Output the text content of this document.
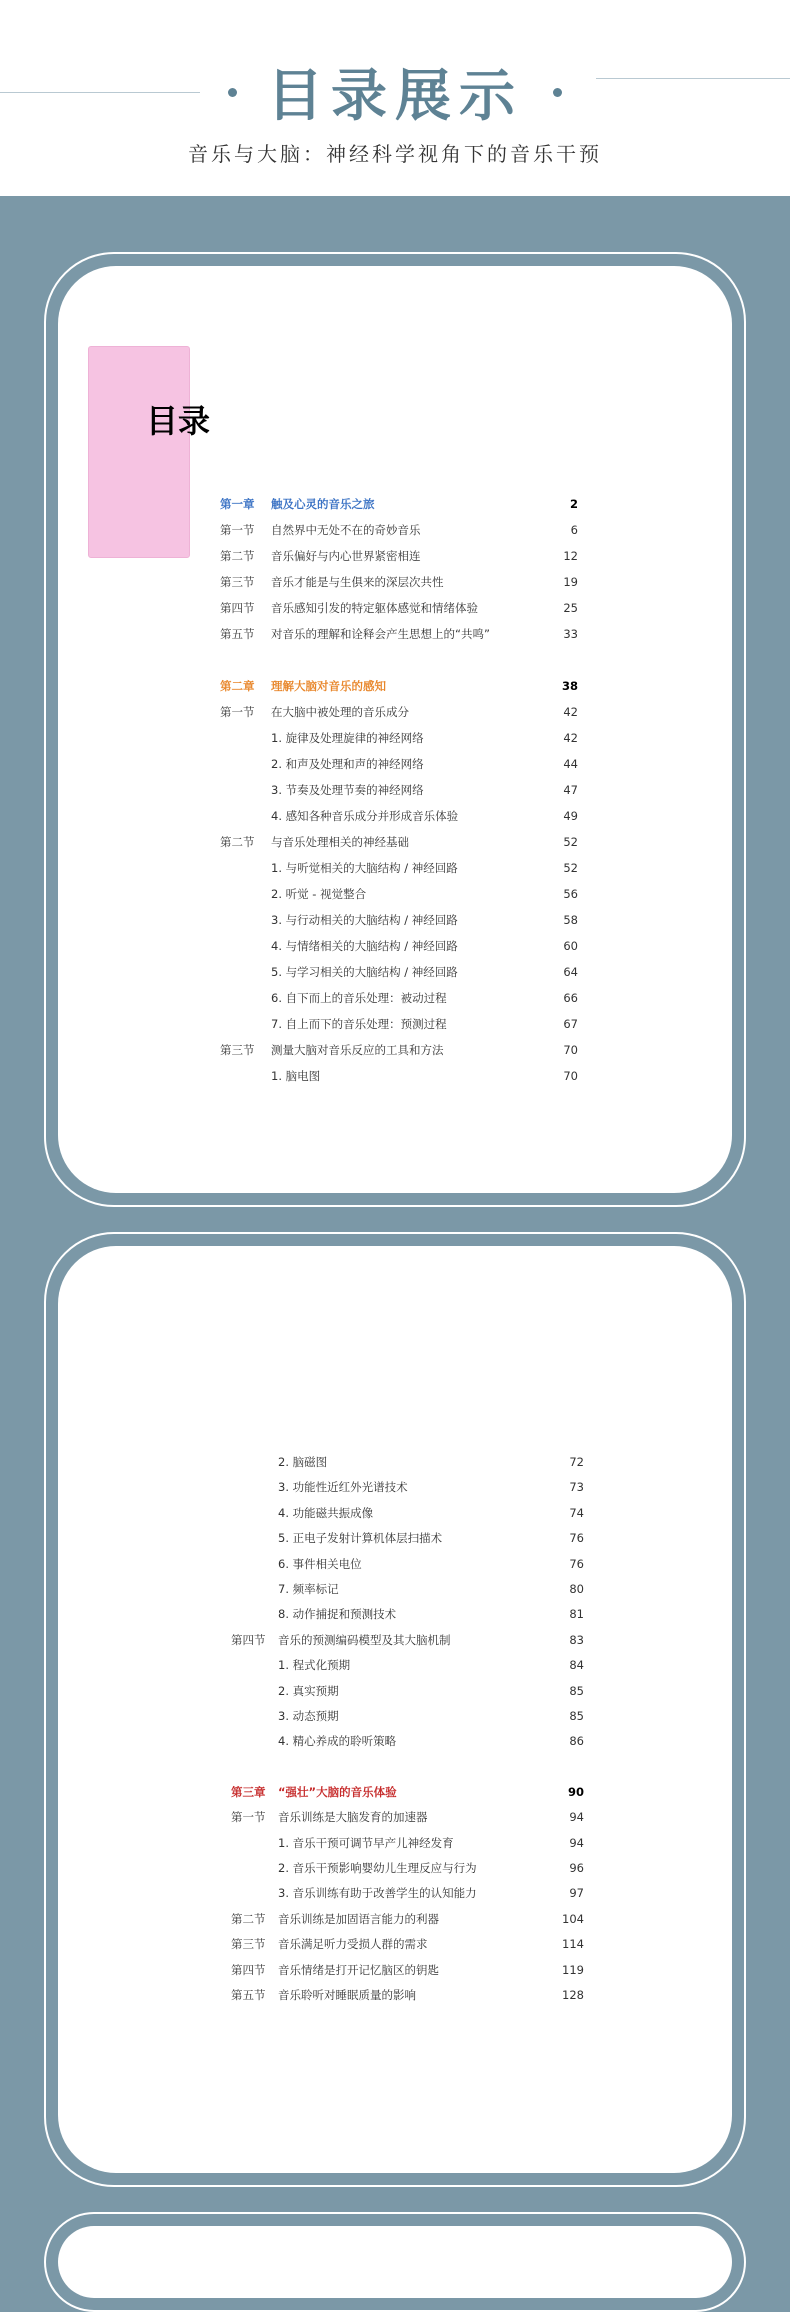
目录展示
音乐与大脑：神经科学视角下的音乐干预
目录
第一章 触及心灵的音乐之旅	2
第一节 自然界中无处不在的奇妙音乐	6
第二节 音乐偏好与内心世界紧密相连	12
第三节 音乐才能是与生俱来的深层次共性	19
第四节 音乐感知引发的特定躯体感觉和情绪体验	25
第五节 对音乐的理解和诠释会产生思想上的“共鸣”	33
第二章 理解大脑对音乐的感知	38
第一节 在大脑中被处理的音乐成分	42
1. 旋律及处理旋律的神经网络	42
2. 和声及处理和声的神经网络	44
3. 节奏及处理节奏的神经网络	47
4. 感知各种音乐成分并形成音乐体验	49
第二节 与音乐处理相关的神经基础	52
1. 与听觉相关的大脑结构 / 神经回路	52
2. 听觉 - 视觉整合	56
3. 与行动相关的大脑结构 / 神经回路	58
4. 与情绪相关的大脑结构 / 神经回路	60
5. 与学习相关的大脑结构 / 神经回路	64
6. 自下而上的音乐处理：被动过程	66
7. 自上而下的音乐处理：预测过程	67
第三节 测量大脑对音乐反应的工具和方法	70
1. 脑电图	70
2. 脑磁图	72
3. 功能性近红外光谱技术	73
4. 功能磁共振成像	74
5. 正电子发射计算机体层扫描术	76
6. 事件相关电位	76
7. 频率标记	80
8. 动作捕捉和预测技术	81
第四节 音乐的预测编码模型及其大脑机制	83
1. 程式化预期	84
2. 真实预期	85
3. 动态预期	85
4. 精心养成的聆听策略	86
第三章 “强壮”大脑的音乐体验	90
第一节 音乐训练是大脑发育的加速器	94
1. 音乐干预可调节早产儿神经发育	94
2. 音乐干预影响婴幼儿生理反应与行为	96
3. 音乐训练有助于改善学生的认知能力	97
第二节 音乐训练是加固语言能力的利器	104
第三节 音乐满足听力受损人群的需求	114
第四节 音乐情绪是打开记忆脑区的钥匙	119
第五节 音乐聆听对睡眠质量的影响	128
